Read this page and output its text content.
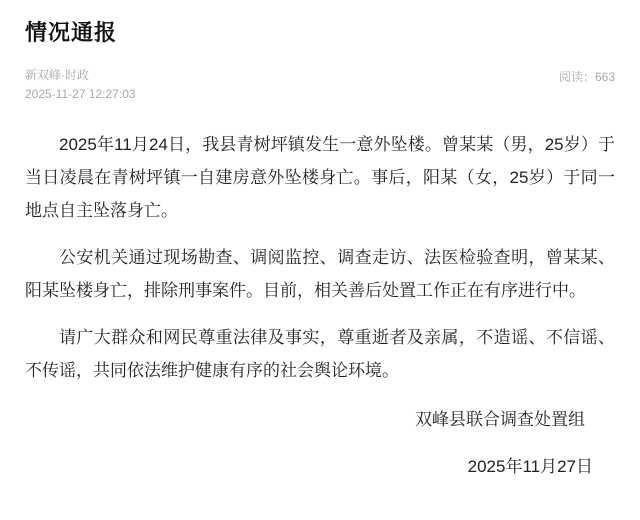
情况通报
新双峰·时政
2025-11-27 12:27:03
阅读：663

2025年11月24日，我县青树坪镇发生一意外坠楼。曾某某（男，25岁）于当日凌晨在青树坪镇一自建房意外坠楼身亡。事后，阳某（女，25岁）于同一地点自主坠落身亡。

公安机关通过现场勘查、调阅监控、调查走访、法医检验查明，曾某某、阳某坠楼身亡，排除刑事案件。目前，相关善后处置工作正在有序进行中。

请广大群众和网民尊重法律及事实，尊重逝者及亲属，不造谣、不信谣、不传谣，共同依法维护健康有序的社会舆论环境。

双峰县联合调查处置组
2025年11月27日
